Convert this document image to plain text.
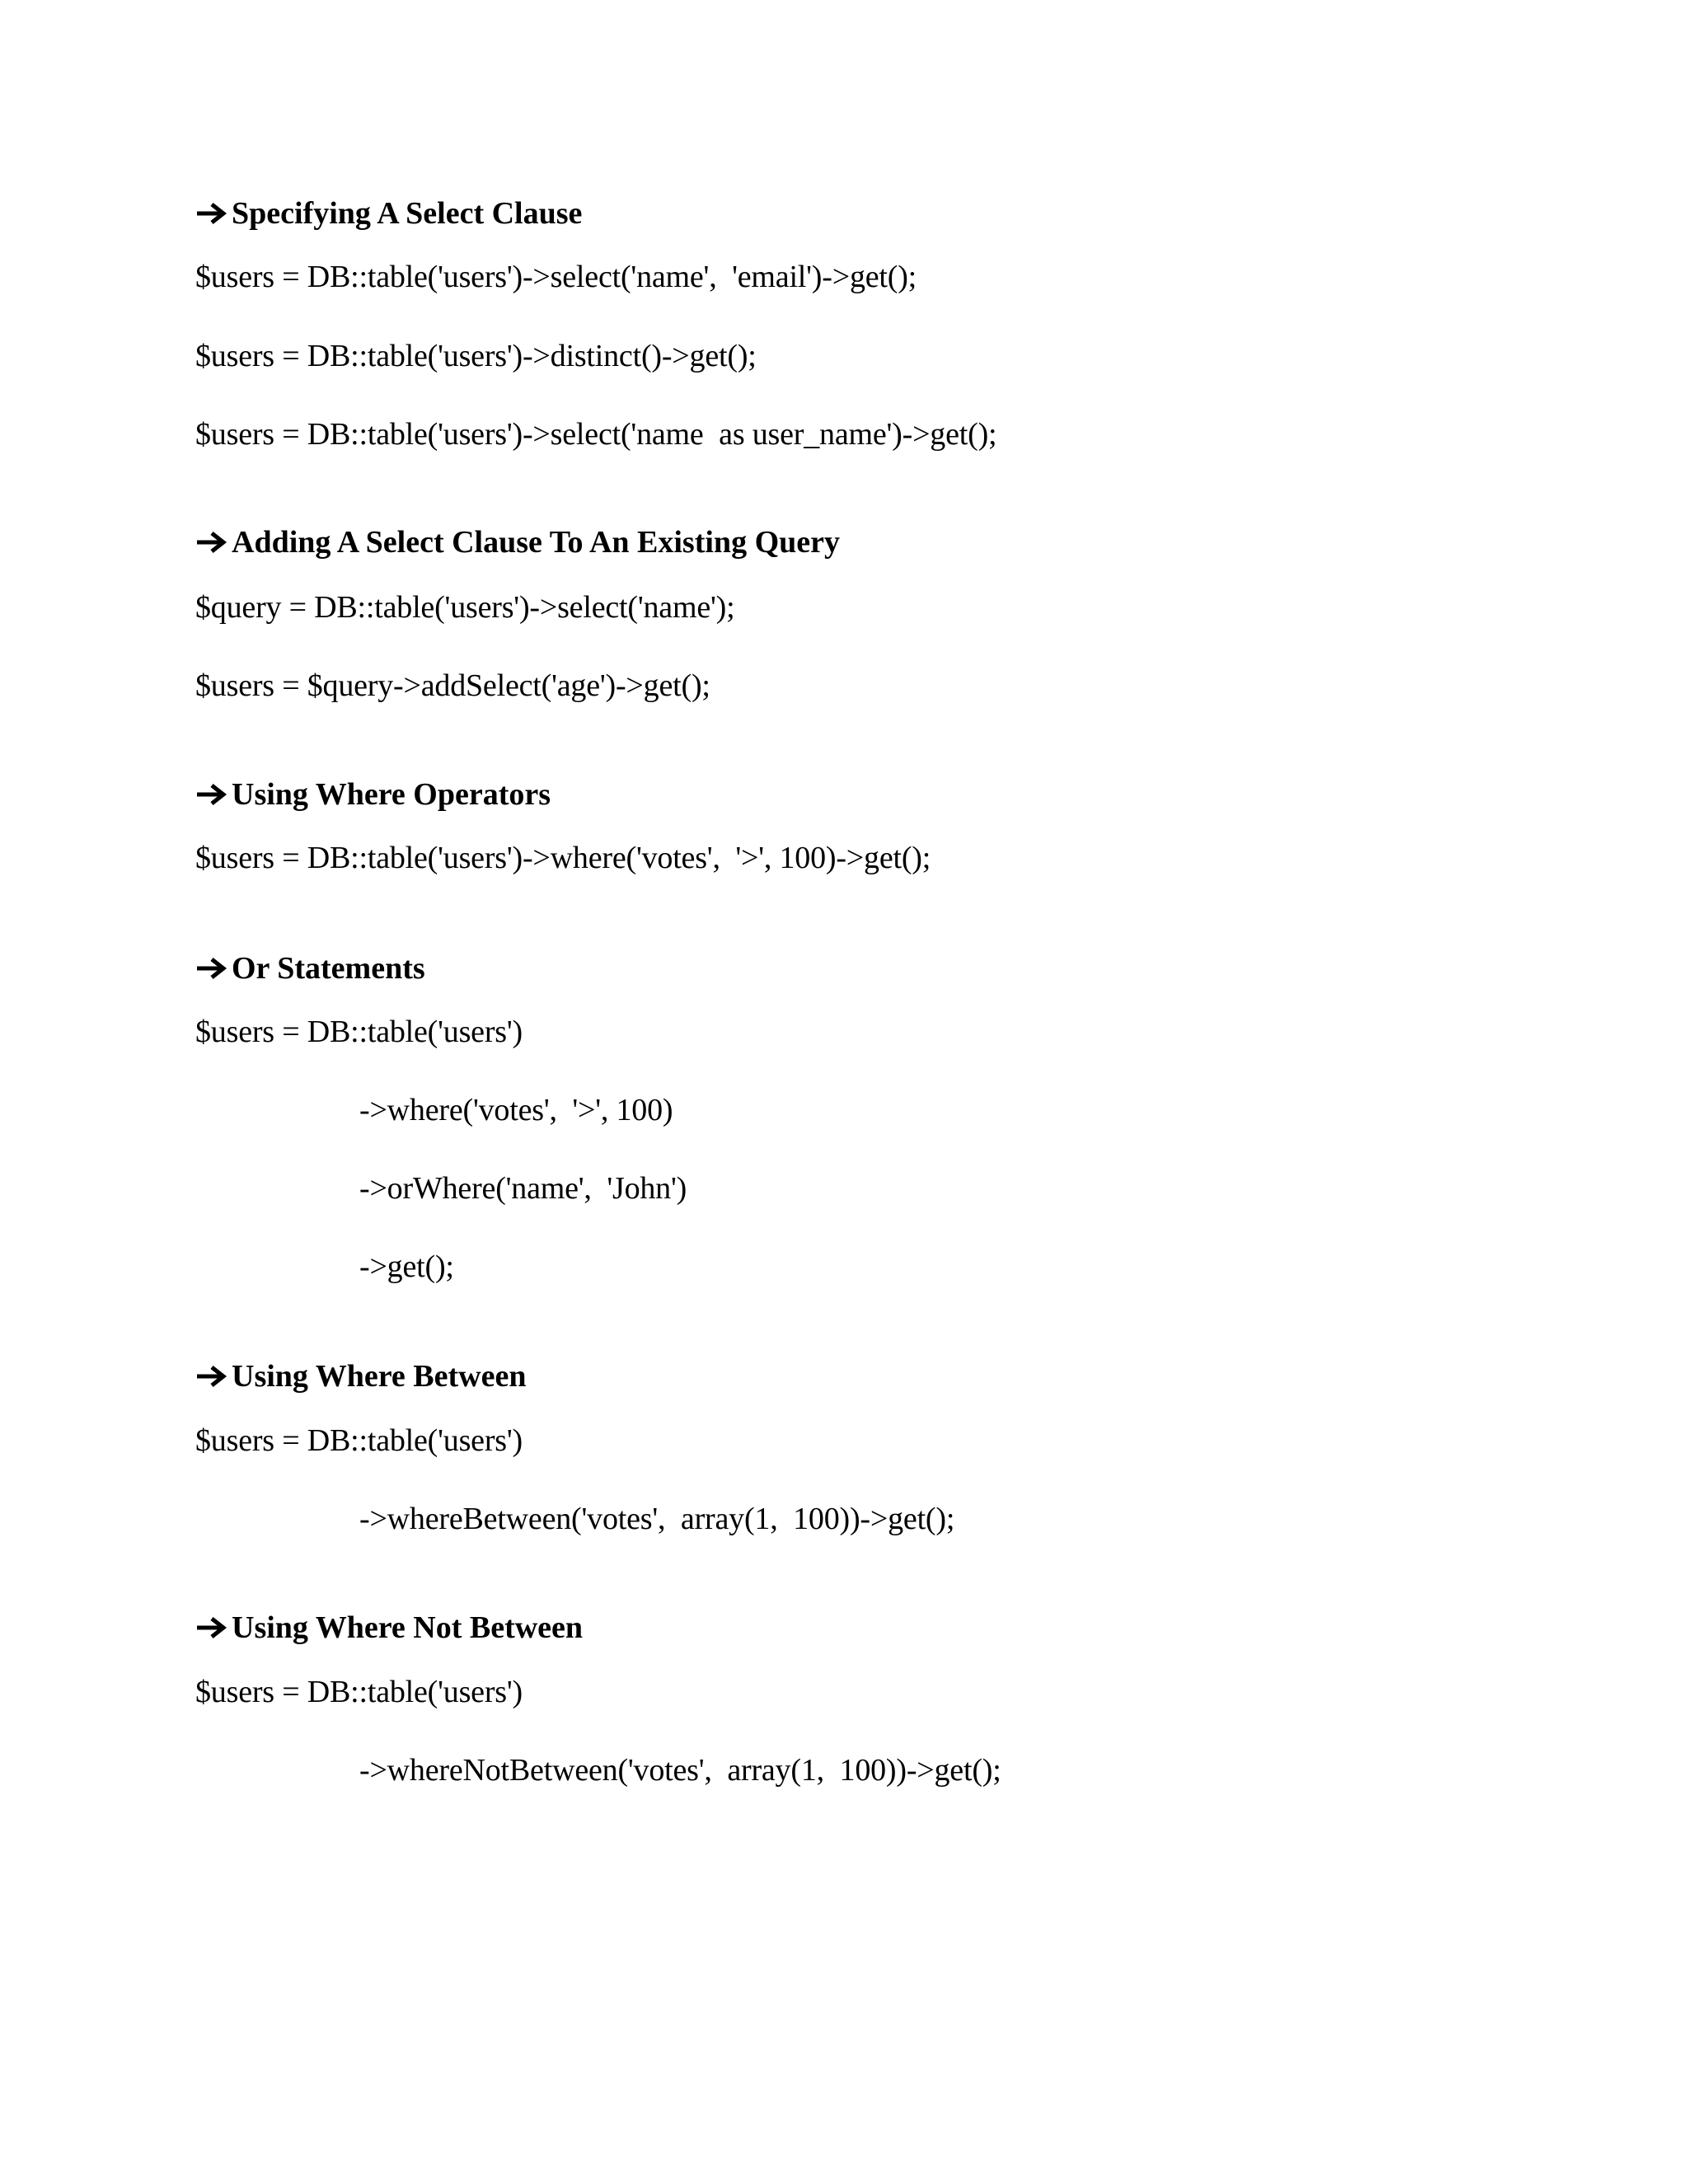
Specifying A Select Clause
$users = DB::table('users')->select('name',  'email')->get();
$users = DB::table('users')->distinct()->get();
$users = DB::table('users')->select('name  as user_name')->get();
Adding A Select Clause To An Existing Query
$query = DB::table('users')->select('name');
$users = $query->addSelect('age')->get();
Using Where Operators
$users = DB::table('users')->where('votes',  '>', 100)->get();
Or Statements
$users = DB::table('users')
->where('votes',  '>', 100)
->orWhere('name',  'John')
->get();
Using Where Between
$users = DB::table('users')
->whereBetween('votes',  array(1,  100))->get();
Using Where Not Between
$users = DB::table('users')
->whereNotBetween('votes',  array(1,  100))->get();
